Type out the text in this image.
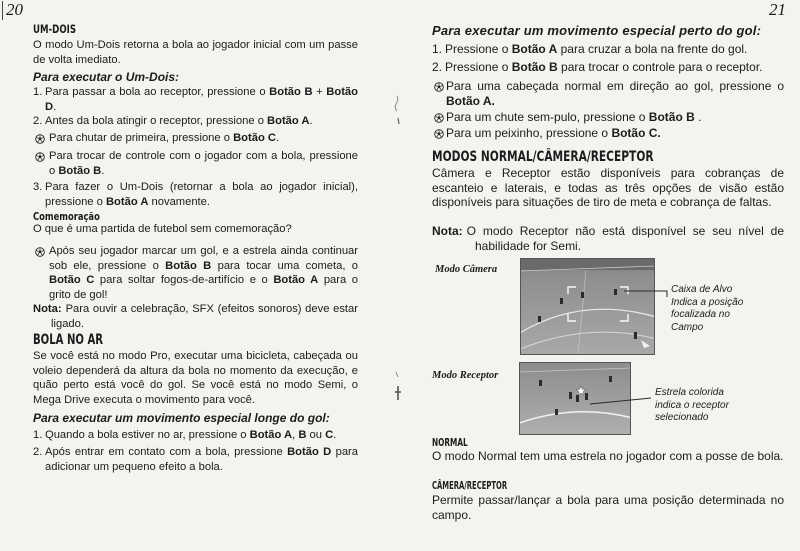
20
UM-DOIS
O modo Um-Dois retorna a bola ao jogador inicial com um passe de volta imediato.
Para executar o Um-Dois:
1. Para passar a bola ao receptor, pressione o Botão B + Botão D.
2. Antes da bola atingir o receptor, pressione o Botão A.
Para chutar de primeira, pressione o Botão C.
Para trocar de controle com o jogador com a bola, pressione o Botão B.
3. Para fazer o Um-Dois (retornar a bola ao jogador inicial), pressione o Botão A novamente.
Comemoração
O que é uma partida de futebol sem comemoração?
Após seu jogador marcar um gol, e a estrela ainda continuar sob ele, pressione o Botão B para tocar uma cometa, o Botão C para soltar fogos-de-artifício e o Botão A para o grito de gol!
Nota: Para ouvir a celebração, SFX (efeitos sonoros) deve estar ligado.
BOLA NO AR
Se você está no modo Pro, executar uma bicicleta, cabeçada ou voleio dependerá da altura da bola no momento da execução, e quão perto está você do gol. Se você está no modo Semi, o Mega Drive executa o movimento para você.
Para executar um movimento especial longe do gol:
1. Quando a bola estiver no ar, pressione o Botão A, B ou C.
2. Após entrar em contato com a bola, pressione Botão D para adicionar um pequeno efeito a bola.
21
Para executar um movimento especial perto do gol:
1. Pressione o Botão A para cruzar a bola na frente do gol.
2. Pressione o Botão B para trocar o controle para o receptor.
Para uma cabeçada normal em direção ao gol, pressione o Botão A.
Para um chute sem-pulo, pressione o Botão B .
Para um peixinho, pressione o Botão C.
MODOS NORMAL/CÂMERA/RECEPTOR
Câmera e Receptor estão disponíveis para cobranças de escanteio e laterais, e todas as três opções de visão estão disponíveis para situações de tiro de meta e cobrança de faltas.
Nota: O modo Receptor não está disponível se seu nível de habilidade for Semi.
Modo Câmera
Caixa de Alvo
Indica a posição
focalizada no
Campo
Modo Receptor
Estrela colorida
indica o receptor
selecionado
NORMAL
O modo Normal tem uma estrela no jogador com a posse de bola.
CÂMERA/RECEPTOR
Permite passar/lançar a bola para uma posição determinada no campo.
